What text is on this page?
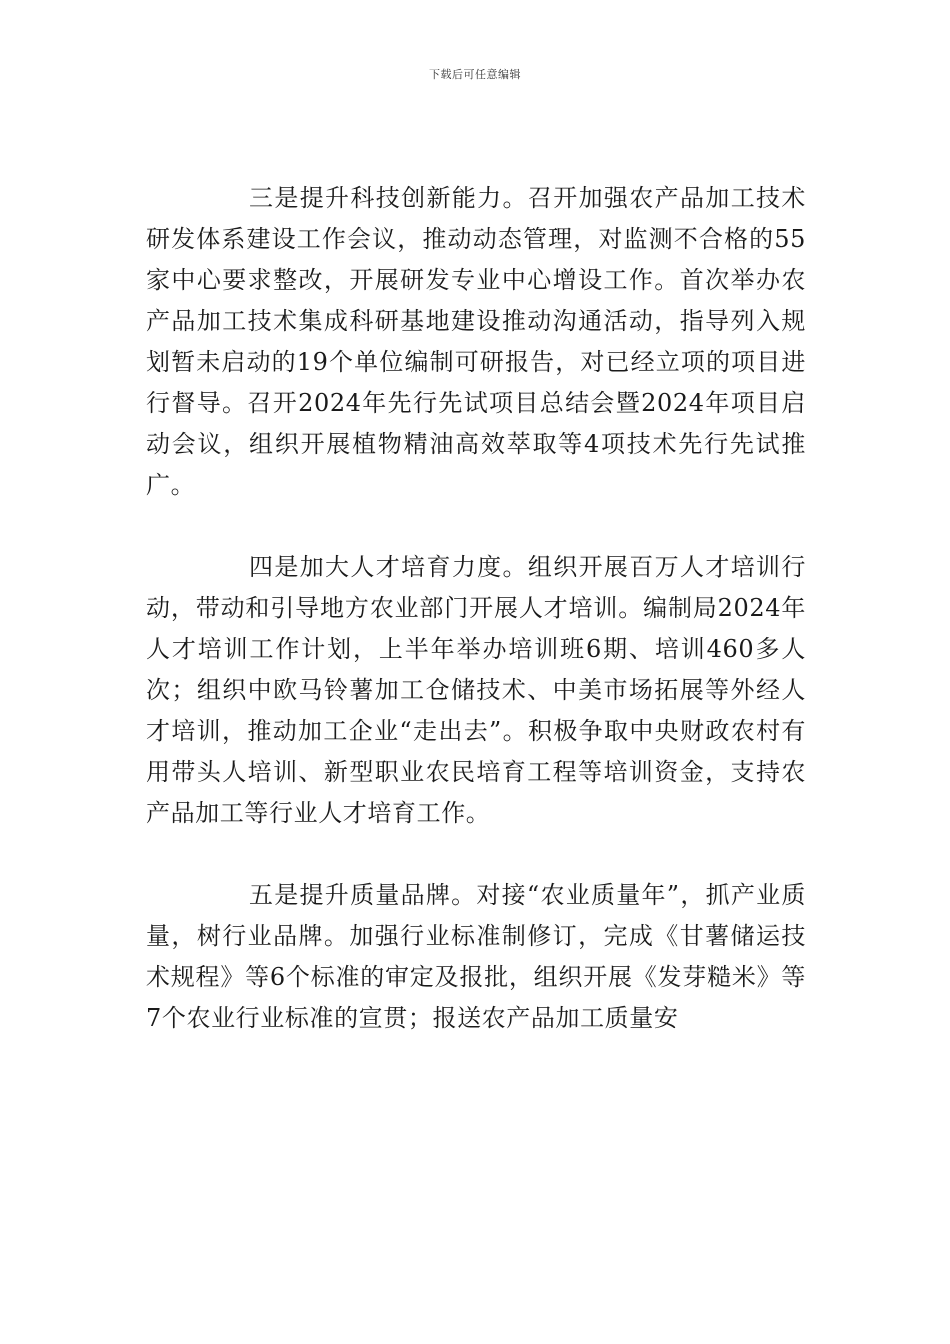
下载后可任意编辑

三是提升科技创新能力。召开加强农产品加工技术研发体系建设工作会议，推动动态管理，对监测不合格的55家中心要求整改，开展研发专业中心增设工作。首次举办农产品加工技术集成科研基地建设推动沟通活动，指导列入规划暂未启动的19个单位编制可研报告，对已经立项的项目进行督导。召开2024年先行先试项目总结会暨2024年项目启动会议，组织开展植物精油高效萃取等4项技术先行先试推广。

四是加大人才培育力度。组织开展百万人才培训行动，带动和引导地方农业部门开展人才培训。编制局2024年人才培训工作计划，上半年举办培训班6期、培训460多人次；组织中欧马铃薯加工仓储技术、中美市场拓展等外经人才培训，推动加工企业“走出去”。积极争取中央财政农村有用带头人培训、新型职业农民培育工程等培训资金，支持农产品加工等行业人才培育工作。

五是提升质量品牌。对接“农业质量年”，抓产业质量，树行业品牌。加强行业标准制修订，完成《甘薯储运技术规程》等6个标准的审定及报批，组织开展《发芽糙米》等7个农业行业标准的宣贯；报送农产品加工质量安
